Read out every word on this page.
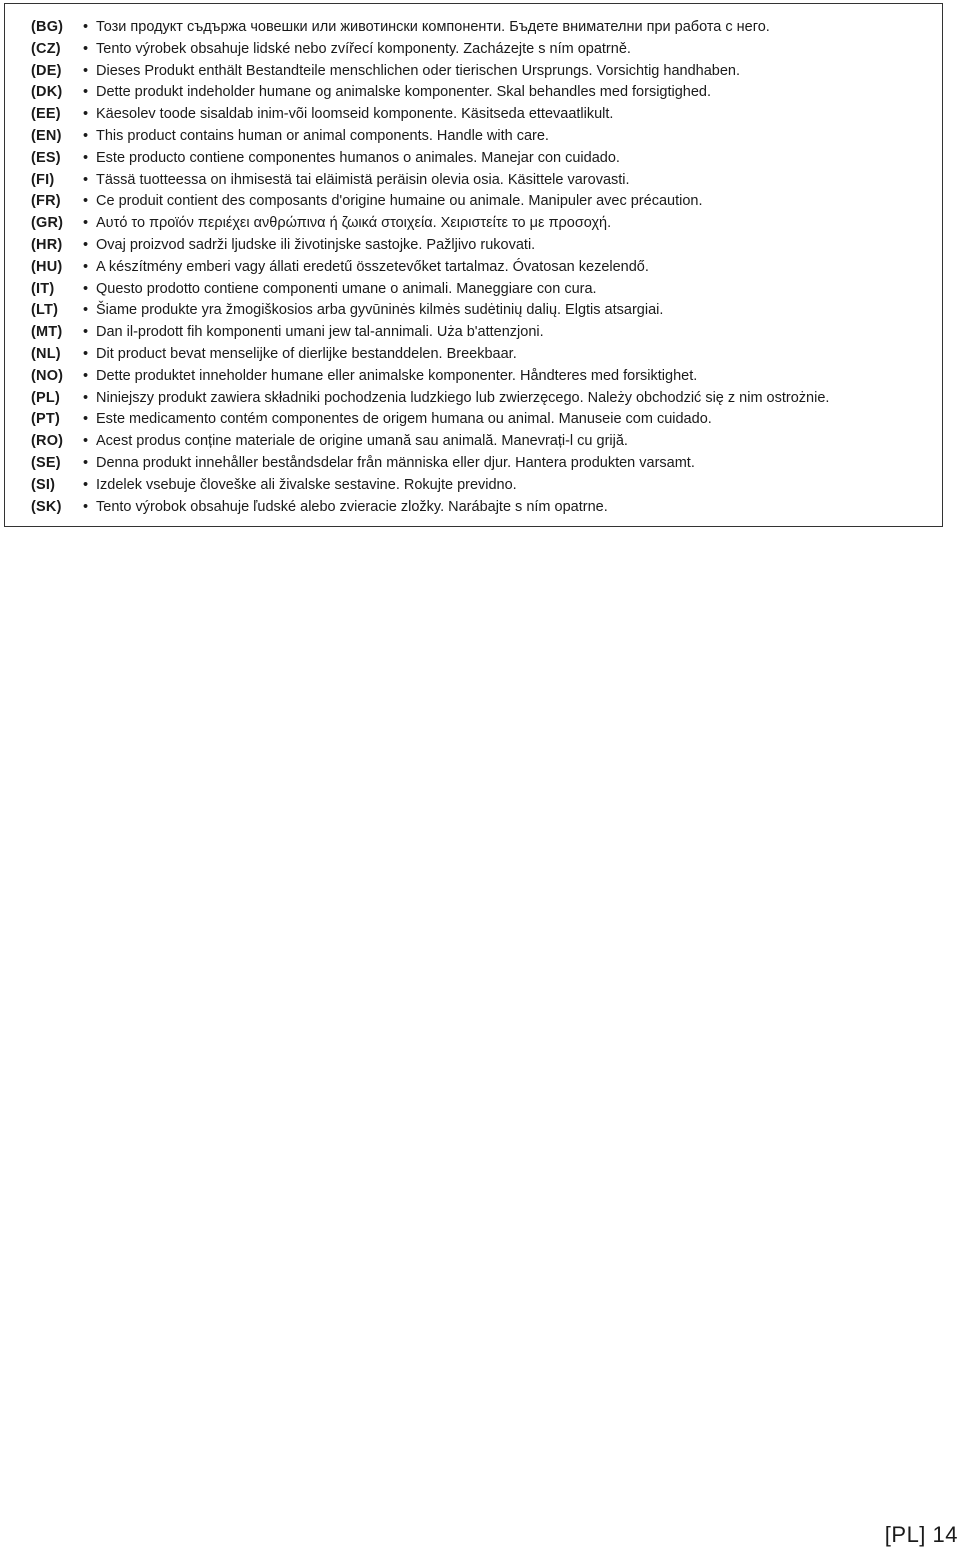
(BG) • Този продукт съдържа човешки или животински компоненти. Бъдете внимателни при работа с него.
(CZ) • Tento výrobek obsahuje lidské nebo zvířecí komponenty. Zacházejte s ním opatrně.
(DE) • Dieses Produkt enthält Bestandteile menschlichen oder tierischen Ursprungs. Vorsichtig handhaben.
(DK) • Dette produkt indeholder humane og animalske komponenter. Skal behandles med forsigtighed.
(EE) • Käesolev toode sisaldab inim-või loomseid komponente. Käsitseda ettevaatlikult.
(EN) • This product contains human or animal components. Handle with care.
(ES) • Este producto contiene componentes humanos o animales. Manejar con cuidado.
(FI) • Tässä tuotteessa on ihmisestä tai eläimistä peräisin olevia osia. Käsittele varovasti.
(FR) • Ce produit contient des composants d'origine humaine ou animale. Manipuler avec précaution.
(GR) • Αυτό το προϊόν περιέχει ανθρώπινα ή ζωικά στοιχεία. Χειριστείτε το με προσοχή.
(HR) • Ovaj proizvod sadrži ljudske ili životinjske sastojke. Pažljivo rukovati.
(HU) • A készítmény emberi vagy állati eredetű összetevőket tartalmaz. Óvatosan kezelendő.
(IT) • Questo prodotto contiene componenti umane o animali. Maneggiare con cura.
(LT) • Šiame produkte yra žmogiškosios arba gyvūninės kilmės sudėtinių dalių. Elgtis atsargiai.
(MT) • Dan il-prodott fih komponenti umani jew tal-annimali. Uża b'attenzjoni.
(NL) • Dit product bevat menselijke of dierlijke bestanddelen. Breekbaar.
(NO) • Dette produktet inneholder humane eller animalske komponenter. Håndteres med forsiktighet.
(PL) • Niniejszy produkt zawiera składniki pochodzenia ludzkiego lub zwierzęcego. Należy obchodzić się z nim ostrożnie.
(PT) • Este medicamento contém componentes de origem humana ou animal. Manuseie com cuidado.
(RO) • Acest produs conține materiale de origine umană sau animală. Manevrați-l cu grijă.
(SE) • Denna produkt innehåller beståndsdelar från människa eller djur. Hantera produkten varsamt.
(SI) • Izdelek vsebuje človeške ali živalske sestavine. Rokujte previdno.
(SK) • Tento výrobok obsahuje ľudské alebo zvieracie zložky. Narábajte s ním opatrne.
[PL] 14
